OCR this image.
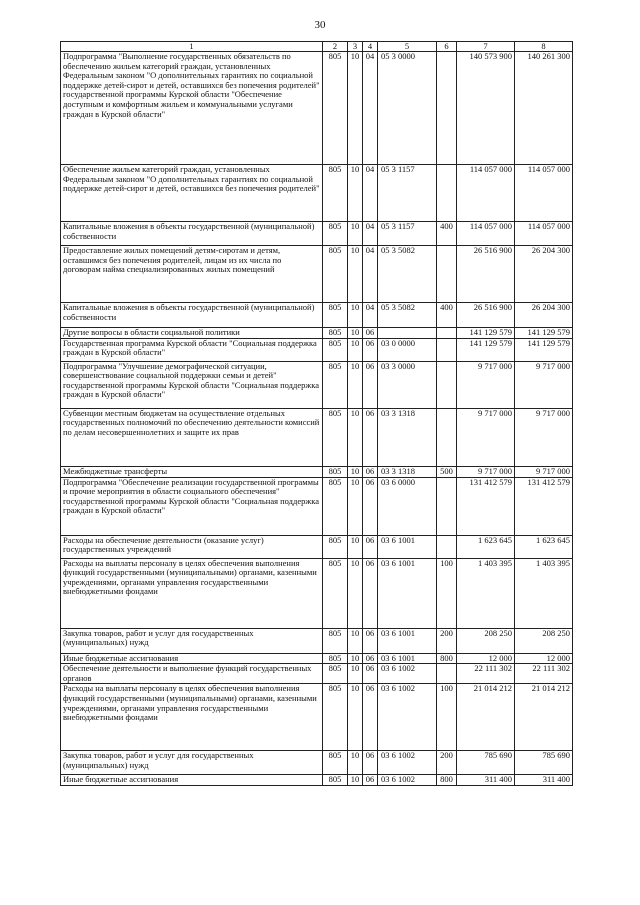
30
1	2	3	4	5	6	7	8
Подпрограмма "Выполнение государственных обязательств по обеспечению жильем категорий граждан, установленных Федеральным законом "О дополнительных гарантиях по социальной поддержке детей-сирот и детей, оставшихся без попечения родителей" государственной программы Курской области "Обеспечение доступным и комфортным жильем и коммунальными услугами граждан в Курской области"	805	10	04	05 3 0000		140 573 900	140 261 300
Обеспечение жильем категорий граждан, установленных Федеральным законом "О дополнительных гарантиях по социальной поддержке детей-сирот и детей, оставшихся без попечения родителей"	805	10	04	05 3 1157		114 057 000	114 057 000
Капитальные вложения в объекты государственной (муниципальной) собственности	805	10	04	05 3 1157	400	114 057 000	114 057 000
Предоставление жилых помещений детям-сиротам и детям, оставшимся без попечения родителей, лицам из их числа по договорам найма специализированных жилых помещений	805	10	04	05 3 5082		26 516 900	26 204 300
Капитальные вложения в объекты государственной (муниципальной) собственности	805	10	04	05 3 5082	400	26 516 900	26 204 300
Другие вопросы в области социальной политики	805	10	06			141 129 579	141 129 579
Государственная программа Курской области "Социальная поддержка граждан в Курской области"	805	10	06	03 0 0000		141 129 579	141 129 579
Подпрограмма "Улучшение демографической ситуации, совершенствование социальной поддержки семьи и детей" государственной программы Курской области "Социальная поддержка граждан в Курской области"	805	10	06	03 3 0000		9 717 000	9 717 000
Субвенции местным бюджетам на осуществление отдельных государственных полномочий по обеспечению деятельности комиссий по делам несовершеннолетних и защите их прав	805	10	06	03 3 1318		9 717 000	9 717 000
Межбюджетные трансферты	805	10	06	03 3 1318	500	9 717 000	9 717 000
Подпрограмма "Обеспечение реализации государственной программы и прочие мероприятия в области социального обеспечения" государственной программы Курской области "Социальная поддержка граждан в Курской области"	805	10	06	03 6 0000		131 412 579	131 412 579
Расходы на обеспечение деятельности (оказание услуг) государственных учреждений	805	10	06	03 6 1001		1 623 645	1 623 645
Расходы на выплаты персоналу в целях обеспечения выполнения функций государственными (муниципальными) органами, казенными учреждениями, органами управления государственными внебюджетными фондами	805	10	06	03 6 1001	100	1 403 395	1 403 395
Закупка товаров, работ и услуг для государственных (муниципальных) нужд	805	10	06	03 6 1001	200	208 250	208 250
Иные бюджетные ассигнования	805	10	06	03 6 1001	800	12 000	12 000
Обеспечение деятельности и выполнение функций государственных органов	805	10	06	03 6 1002		22 111 302	22 111 302
Расходы на выплаты персоналу в целях обеспечения выполнения функций государственными (муниципальными) органами, казенными учреждениями, органами управления государственными внебюджетными фондами	805	10	06	03 6 1002	100	21 014 212	21 014 212
Закупка товаров, работ и услуг для государственных (муниципальных) нужд	805	10	06	03 6 1002	200	785 690	785 690
Иные бюджетные ассигнования	805	10	06	03 6 1002	800	311 400	311 400
